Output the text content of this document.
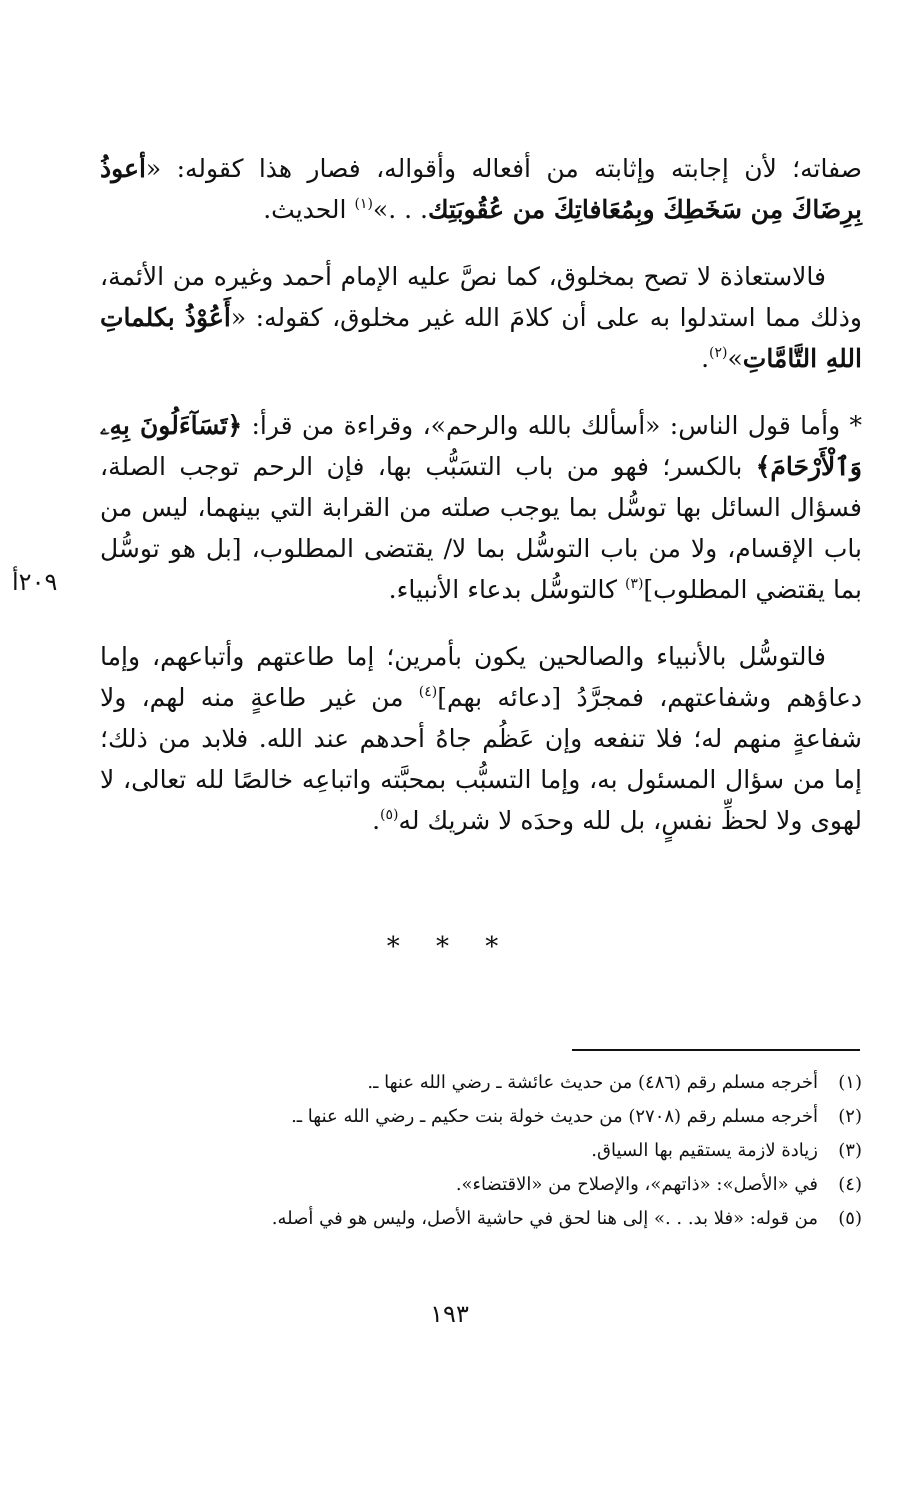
صفاته؛ لأن إجابته وإثابته من أفعاله وأقواله، فصار هذا كقوله: «أعوذُ بِرِضَاكَ مِن سَخَطِكَ وبِمُعَافاتِكَ من عُقُوبَتِك. . .»$^{(١)}$ الحديث.

فالاستعاذة لا تصح بمخلوق، كما نصَّ عليه الإمام أحمد وغيره من الأئمة، وذلك مما استدلوا به على أن كلامَ الله غير مخلوق، كقوله: «أَعُوْذُ بكلماتِ اللهِ التَّامَّاتِ»$^{(٢)}$.

* وأما قول الناس: «أسألك بالله والرحم»، وقراءة من قرأ: ﴿تَسَآءَلُونَ بِهِۦ وَٱلْأَرْحَامَ﴾ بالكسر؛ فهو من باب التسَبُّب بها، فإن الرحم توجب الصلة، فسؤال السائل بها توسُّل بما يوجب صلته من القرابة التي بينهما، ليس من باب الإقسام، ولا من باب التوسُّل بما لا/ يقتضى المطلوب، [بل هو توسُّل بما يقتضي المطلوب]$^{(٣)}$ كالتوسُّل بدعاء الأنبياء.

فالتوسُّل بالأنبياء والصالحين يكون بأمرين؛ إما طاعتهم وأتباعهم، وإما دعاؤهم وشفاعتهم، فمجرَّدُ [دعائه بهم]$^{(٤)}$ من غير طاعةٍ منه لهم، ولا شفاعةٍ منهم له؛ فلا تنفعه وإن عَظُم جاهُ أحدهم عند الله. فلابد من ذلك؛ إما من سؤال المسئول به، وإما التسبُّب بمحبَّته واتباعِه خالصًا لله تعالى، لا لهوى ولا لحظِّ نفسٍ، بل لله وحدَه لا شريك له$^{(٥)}$.

٢٠٩أ
* * *
(١)
أخرجه مسلم رقم (٤٨٦) من حديث عائشة ـ رضي الله عنها ـ.
(٢)
أخرجه مسلم رقم (٢٧٠٨) من حديث خولة بنت حكيم ـ رضي الله عنها ـ.
(٣)
زيادة لازمة يستقيم بها السياق.
(٤)
في «الأصل»: «ذاتهم»، والإصلاح من «الاقتضاء».
(٥)
من قوله: «فلا بد. . .» إلى هنا لحق في حاشية الأصل، وليس هو في أصله.
١٩٣
